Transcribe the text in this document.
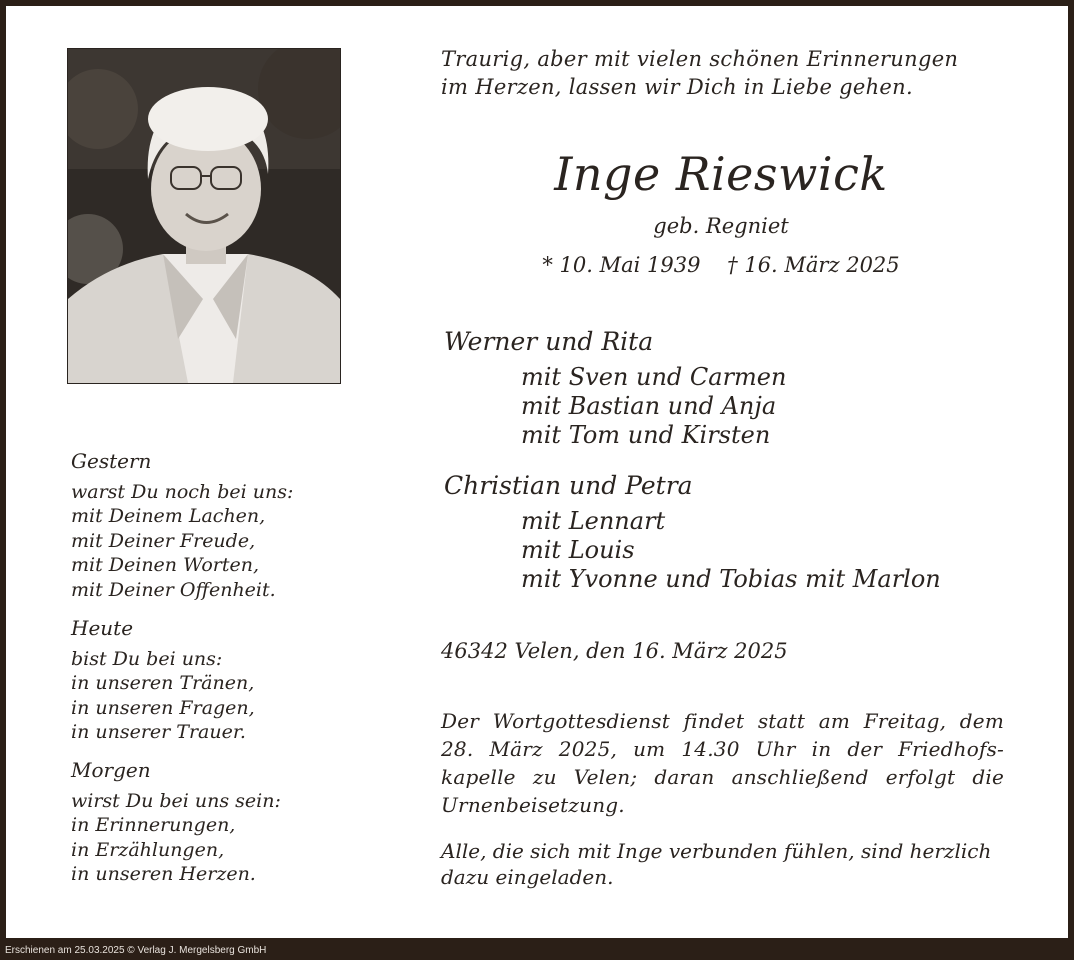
Traurig, aber mit vielen schönen Erinnerungen
im Herzen, lassen wir Dich in Liebe gehen.
Inge Rieswick
geb. Regniet
* 10. Mai 1939 † 16. März 2025
Werner und Rita
mit Sven und Carmen
mit Bastian und Anja
mit Tom und Kirsten
Christian und Petra
mit Lennart
mit Louis
mit Yvonne und Tobias mit Marlon
46342 Velen, den 16. März 2025
Der Wortgottesdienst findet statt am Freitag, dem
28. März 2025, um 14.30 Uhr in der Friedhofs-
kapelle zu Velen; daran anschließend erfolgt die
Urnenbeisetzung.
Alle, die sich mit Inge verbunden fühlen, sind herzlich
dazu eingeladen.
Gestern
warst Du noch bei uns:
mit Deinem Lachen,
mit Deiner Freude,
mit Deinen Worten,
mit Deiner Offenheit.
Heute
bist Du bei uns:
in unseren Tränen,
in unseren Fragen,
in unserer Trauer.
Morgen
wirst Du bei uns sein:
in Erinnerungen,
in Erzählungen,
in unseren Herzen.
Erschienen am 25.03.2025 © Verlag J. Mergelsberg GmbH
